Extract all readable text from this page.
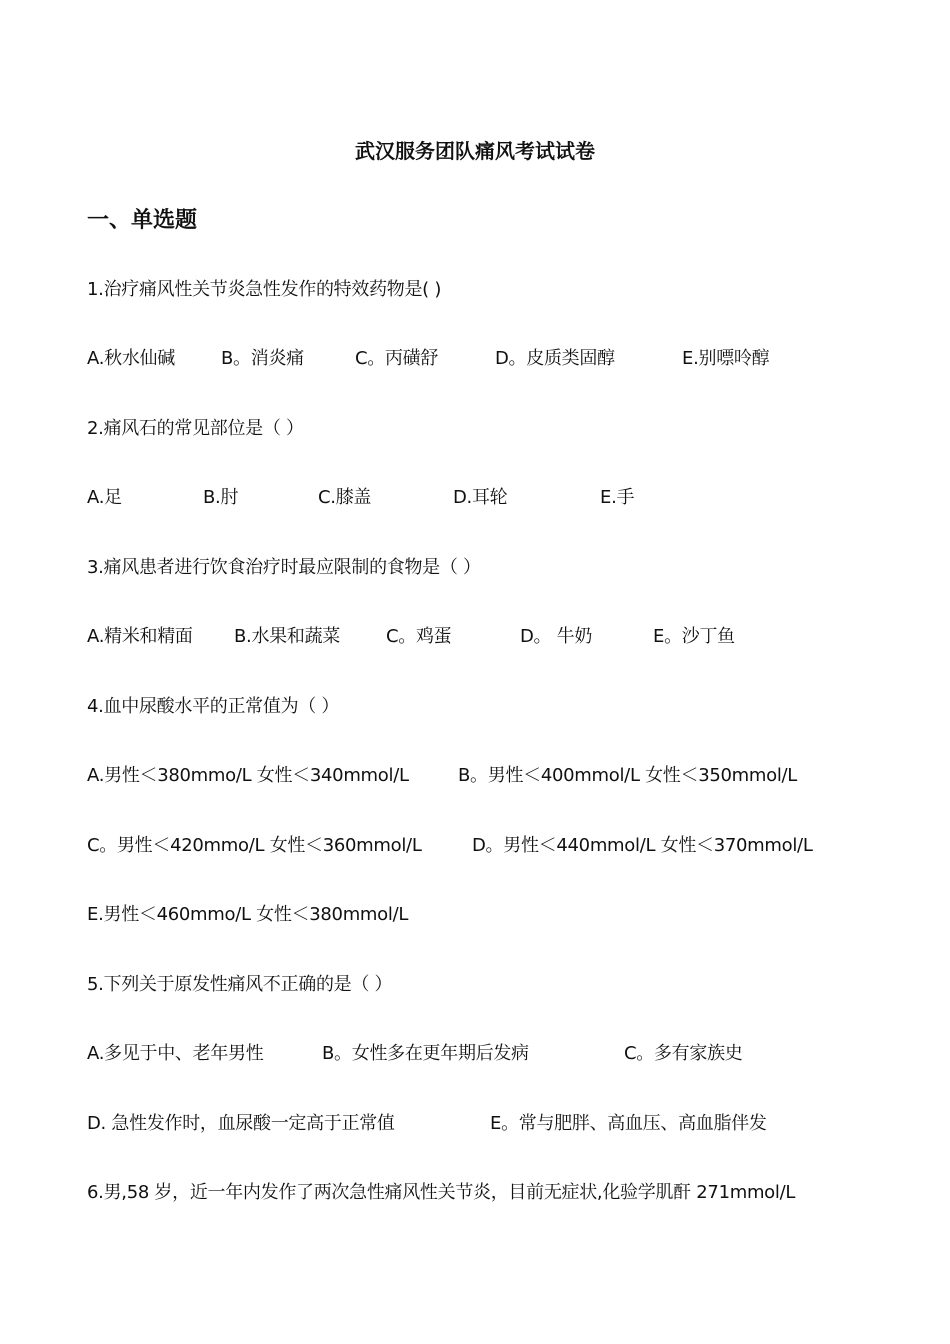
武汉服务团队痛风考试试卷
一、单选题
1.治疗痛风性关节炎急性发作的特效药物是( )
A.秋水仙碱	B。消炎痛	C。丙磺舒	D。皮质类固醇	E.别嘌呤醇
2.痛风石的常见部位是（ ）
A.足	B.肘	C.膝盖	D.耳轮	E.手
3.痛风患者进行饮食治疗时最应限制的食物是（ ）
A.精米和精面 B.水果和蔬菜	C。鸡蛋	D。 牛奶	E。沙丁鱼
4.血中尿酸水平的正常值为（ ）
A.男性＜380mmo/L 女性＜340mmol/L	B。男性＜400mmol/L 女性＜350mmol/L
C。男性＜420mmo/L 女性＜360mmol/L	D。男性＜440mmol/L 女性＜370mmol/L
E.男性＜460mmo/L 女性＜380mmol/L
5.下列关于原发性痛风不正确的是（ ）
A.多见于中、老年男性	B。女性多在更年期后发病	C。多有家族史
D. 急性发作时，血尿酸一定高于正常值	E。常与肥胖、高血压、高血脂伴发
6.男,58 岁，近一年内发作了两次急性痛风性关节炎，目前无症状,化验学肌酐 271mmol/L
